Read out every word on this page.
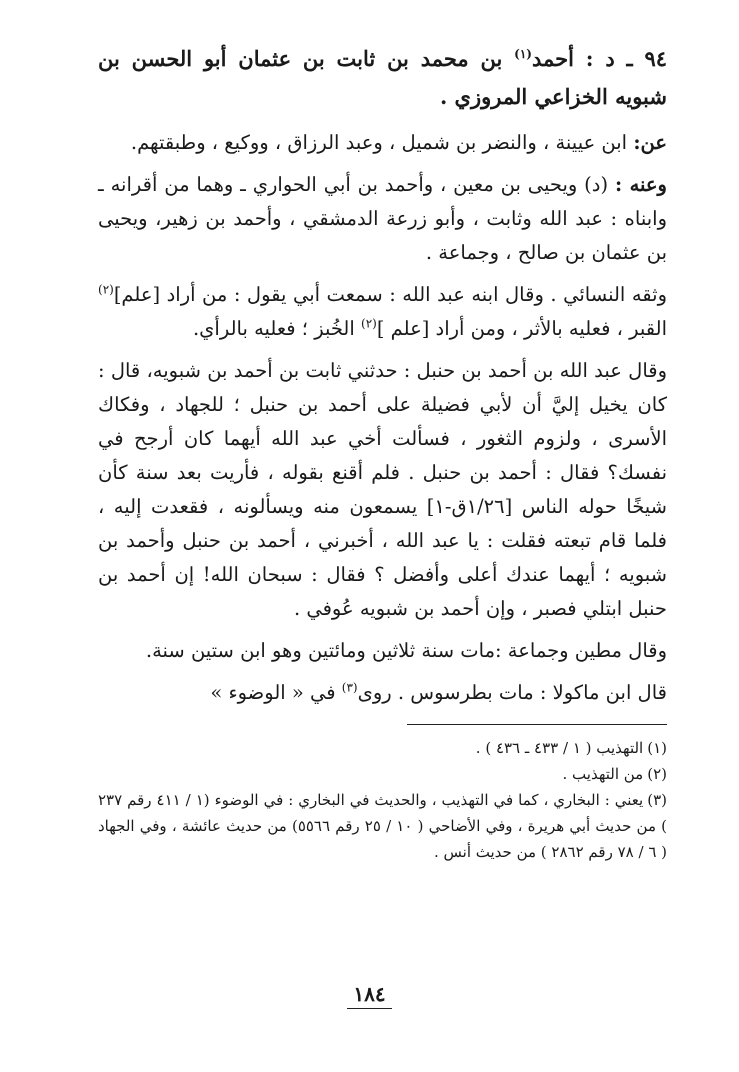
٩٤ ـ د : أحمد$^{(١)}$ بن محمد بن ثابت بن عثمان أبو الحسن بن شبويه الخزاعي المروزي .

عن: ابن عيينة ، والنضر بن شميل ، وعبد الرزاق ، ووكيع ، وطبقتهم.

وعنه : (د) ويحيى بن معين ، وأحمد بن أبي الحواري ـ وهما من أقرانه ـ وابناه : عبد الله وثابت ، وأبو زرعة الدمشقي ، وأحمد بن زهير، ويحيى بن عثمان بن صالح ، وجماعة .

وثقه النسائي . وقال ابنه عبد الله : سمعت أبي يقول : من أراد [علم]$^{(٢)}$ القبر ، فعليه بالأثر ، ومن أراد [علم ]$^{(٢)}$ الخُبز ؛ فعليه بالرأي.

وقال عبد الله بن أحمد بن حنبل : حدثني ثابت بن أحمد بن شبويه، قال : كان يخيل إليَّ أن لأبي فضيلة على أحمد بن حنبل ؛ للجهاد ، وفكاك الأسرى ، ولزوم الثغور ، فسألت أخي عبد الله أيهما كان أرجح في نفسك؟ فقال : أحمد بن حنبل . فلم أقنع بقوله ، فأريت بعد سنة كأن شيخًا حوله الناس [١/٢٦ق-١] يسمعون منه ويسألونه ، فقعدت إليه ، فلما قام تبعته فقلت : يا عبد الله ، أخبرني ، أحمد بن حنبل وأحمد بن شبويه ؛ أيهما عندك أعلى وأفضل ؟ فقال : سبحان الله! إن أحمد بن حنبل ابتلي فصبر ، وإن أحمد بن شبويه عُوفي .

وقال مطين وجماعة :مات سنة ثلاثين ومائتين وهو ابن ستين سنة.

قال ابن ماكولا : مات بطرسوس . روى$^{(٣)}$ في « الوضوء »

(١)التهذيب ( ١ / ٤٣٣ ـ ٤٣٦ ) .

(٢)من التهذيب .

(٣)يعني : البخاري ، كما في التهذيب ، والحديث في البخاري : في الوضوء (١ / ٤١١ رقم ٢٣٧ ) من حديث أبي هريرة ، وفي الأضاحي ( ١٠ / ٢٥ رقم ٥٥٦٦) من حديث عائشة ، وفي الجهاد ( ٦ / ٧٨ رقم ٢٨٦٢ ) من حديث أنس .

١٨٤
